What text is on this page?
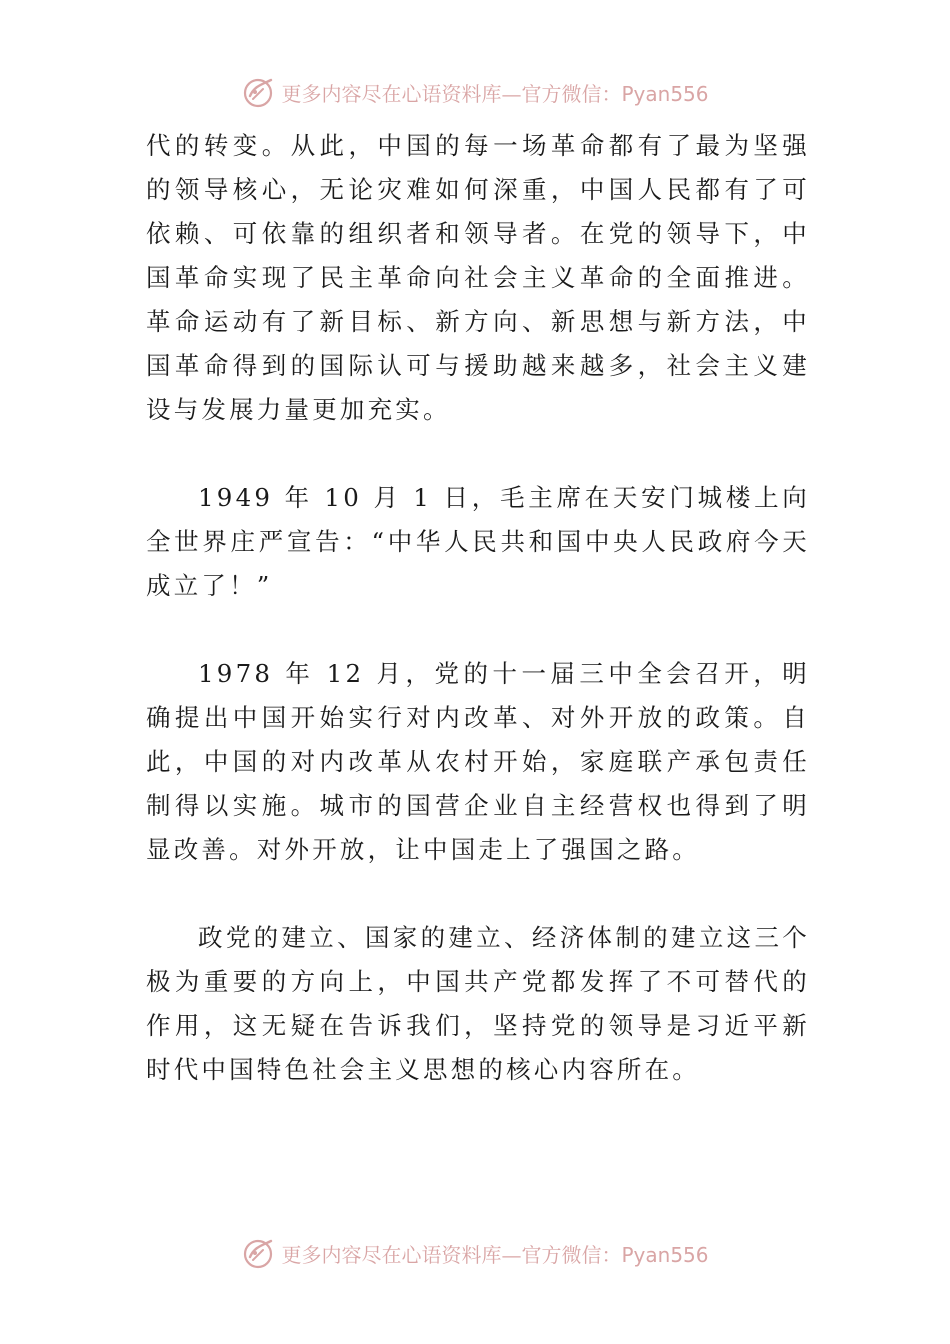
更多内容尽在心语资料库—官方微信：Pyan556

代的转变。从此，中国的每一场革命都有了最为坚强的领导核心，无论灾难如何深重，中国人民都有了可依赖、可依靠的组织者和领导者。在党的领导下，中国革命实现了民主革命向社会主义革命的全面推进。革命运动有了新目标、新方向、新思想与新方法，中国革命得到的国际认可与援助越来越多，社会主义建设与发展力量更加充实。

1949 年 10 月 1 日，毛主席在天安门城楼上向全世界庄严宣告：“中华人民共和国中央人民政府今天成立了！”

1978 年 12 月，党的十一届三中全会召开，明确提出中国开始实行对内改革、对外开放的政策。自此，中国的对内改革从农村开始，家庭联产承包责任制得以实施。城市的国营企业自主经营权也得到了明显改善。对外开放，让中国走上了强国之路。

政党的建立、国家的建立、经济体制的建立这三个极为重要的方向上，中国共产党都发挥了不可替代的作用，这无疑在告诉我们，坚持党的领导是习近平新时代中国特色社会主义思想的核心内容所在。

更多内容尽在心语资料库—官方微信：Pyan556
